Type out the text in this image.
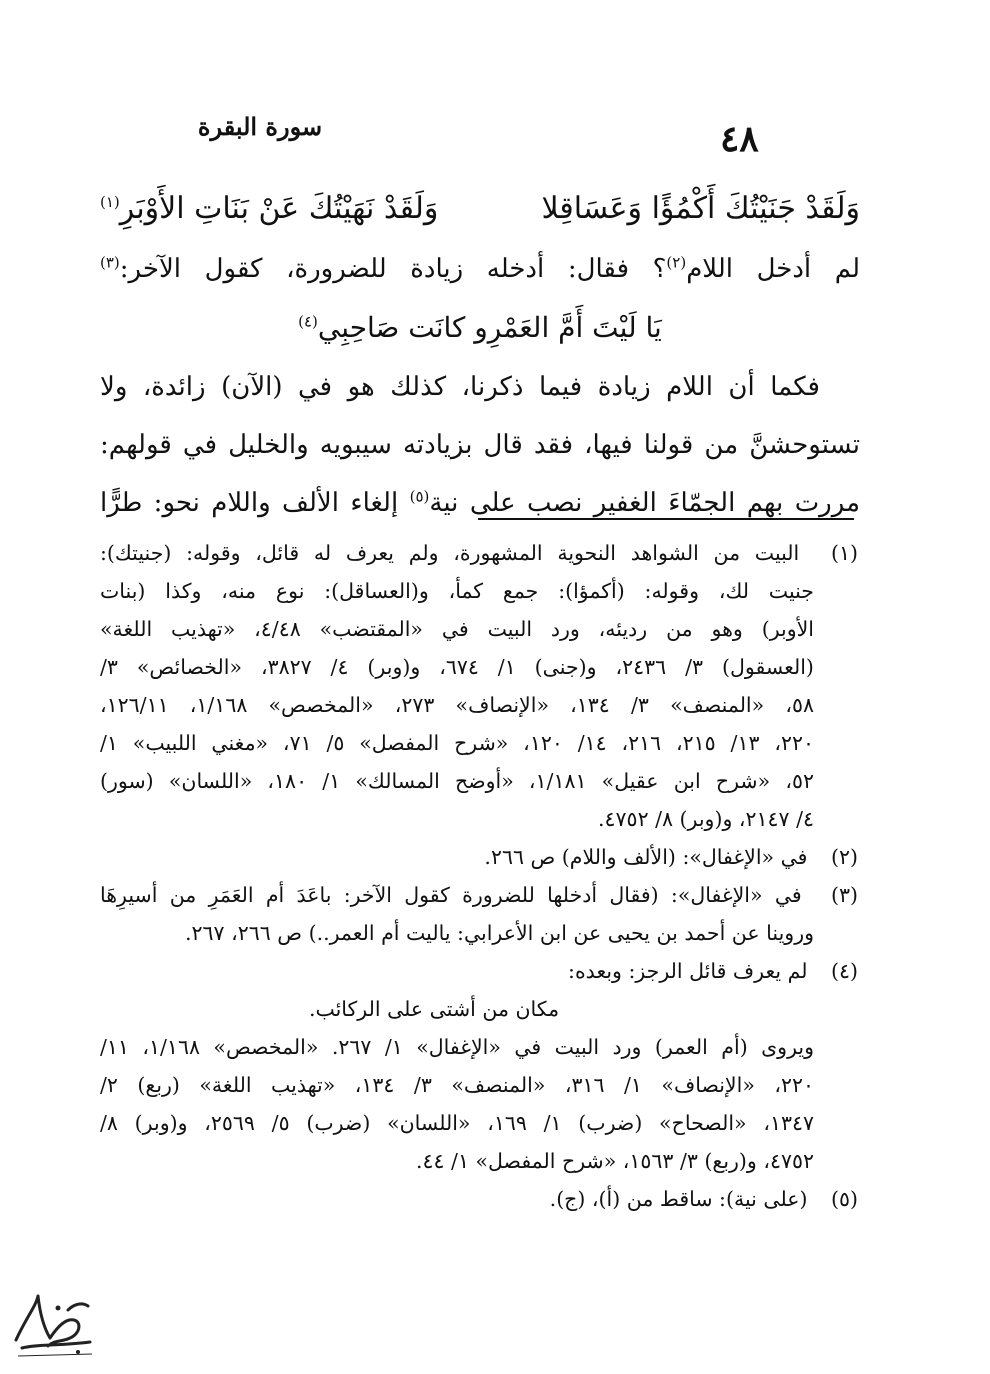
٤٨
سورة البقرة
وَلَقَدْ جَنَيْتُكَ أَكْمُؤًا وَعَسَاقِلا
وَلَقَدْ نَهَيْتُكَ عَنْ بَنَاتِ الأَوْبَرِ$^{(١)}$
لم أدخل اللام$^{(٢)}$؟ فقال: أدخله زيادة للضرورة، كقول الآخر:$^{(٣)}$
يَا لَيْتَ أَمَّ العَمْرِو كانَت صَاحِبِي$^{(٤)}$
فكما أن اللام زيادة فيما ذكرنا، كذلك هو في (الآن) زائدة، ولا
تستوحشنَّ من قولنا فيها، فقد قال بزيادته سيبويه والخليل في قولهم:
مررت بهم الجمّاءَ الغفير نصب على نية$^{(٥)}$ إلغاء الألف واللام نحو: طرًّا
(١) البيت من الشواهد النحوية المشهورة، ولم يعرف له قائل، وقوله: (جنيتك):
جنيت لك، وقوله: (أكمؤا): جمع كمأ، و(العساقل): نوع منه، وكذا (بنات
الأوبر) وهو من رديئه، ورد البيت في «المقتضب» ٤/٤٨، «تهذيب اللغة»
(العسقول) ٣/ ٢٤٣٦، و(جنى) ١/ ٦٧٤، و(وبر) ٤/ ٣٨٢٧، «الخصائص» ٣/
٥٨، «المنصف» ٣/ ١٣٤، «الإنصاف» ٢٧٣، «المخصص» ١/١٦٨، ١٢٦/١١،
٢٢٠، ١٣/ ٢١٥، ٢١٦، ١٤/ ١٢٠، «شرح المفصل» ٥/ ٧١، «مغني اللبيب» ١/
٥٢، «شرح ابن عقيل» ١/١٨١، «أوضح المسالك» ١/ ١٨٠، «اللسان» (سور)
٤/ ٢١٤٧، و(وبر) ٨/ ٤٧٥٢.
(٢) في «الإغفال»: (الألف واللام) ص ٢٦٦.
(٣) في «الإغفال»: (فقال أدخلها للضرورة كقول الآخر: باعَدَ أم العَمَرِ من أسيرِهَا
وروينا عن أحمد بن يحيى عن ابن الأعرابي: ياليت أم العمر..) ص ٢٦٦، ٢٦٧.
(٤) لم يعرف قائل الرجز: وبعده:
مكان من أشتى على الركائب.
ويروى (أم العمر) ورد البيت في «الإغفال» ١/ ٢٦٧. «المخصص» ١/١٦٨، ١١/
٢٢٠، «الإنصاف» ١/ ٣١٦، «المنصف» ٣/ ١٣٤، «تهذيب اللغة» (ربع) ٢/
١٣٤٧، «الصحاح» (ضرب) ١/ ١٦٩، «اللسان» (ضرب) ٥/ ٢٥٦٩، و(وبر) ٨/
٤٧٥٢، و(ربع) ٣/ ١٥٦٣، «شرح المفصل» ١/ ٤٤.
(٥) (على نية): ساقط من (أ)، (ج).
